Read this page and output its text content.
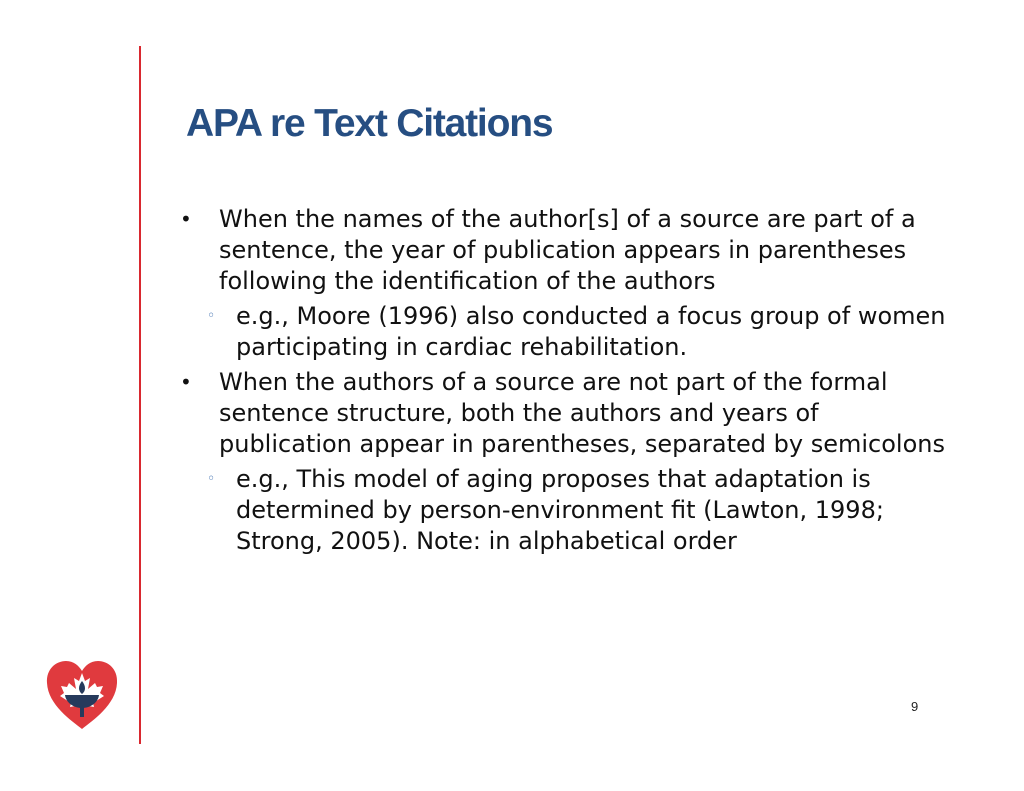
APA re Text Citations
•	When the names of the author[s] of a source are part of a sentence, the year of publication appears in parentheses following the identification of the authors
◦ e.g., Moore (1996) also conducted a focus group of women participating in cardiac rehabilitation.
•	When the authors of a source are not part of the formal sentence structure, both the authors and years of publication appear in parentheses, separated by semicolons
◦ e.g., This model of aging proposes that adaptation is determined by person-environment fit (Lawton, 1998; Strong, 2005). Note: in alphabetical order
9
